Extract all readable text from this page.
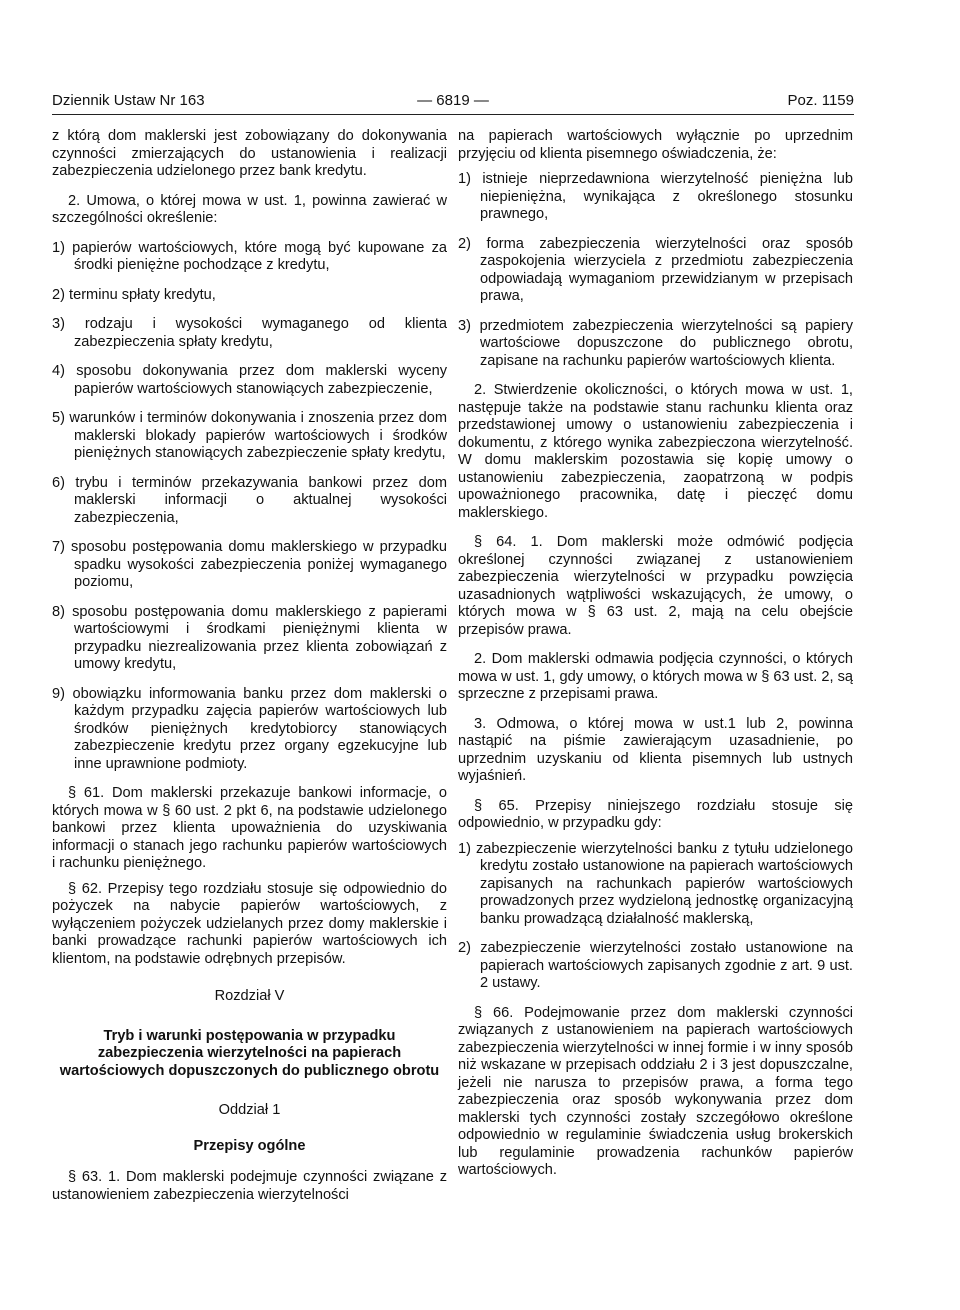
Dziennik Ustaw Nr 163	— 6819 —	Poz. 1159

z którą dom maklerski jest zobowiązany do dokonywania czynności zmierzających do ustanowienia i realizacji zabezpieczenia udzielonego przez bank kredytu.

2. Umowa, o której mowa w ust. 1, powinna zawierać w szczególności określenie:

1) papierów wartościowych, które mogą być kupowane za środki pieniężne pochodzące z kredytu,

2) terminu spłaty kredytu,

3) rodzaju i wysokości wymaganego od klienta zabezpieczenia spłaty kredytu,

4) sposobu dokonywania przez dom maklerski wyceny papierów wartościowych stanowiących zabezpieczenie,

5) warunków i terminów dokonywania i znoszenia przez dom maklerski blokady papierów wartościowych i środków pieniężnych stanowiących zabezpieczenie spłaty kredytu,

6) trybu i terminów przekazywania bankowi przez dom maklerski informacji o aktualnej wysokości zabezpieczenia,

7) sposobu postępowania domu maklerskiego w przypadku spadku wysokości zabezpieczenia poniżej wymaganego poziomu,

8) sposobu postępowania domu maklerskiego z papierami wartościowymi i środkami pieniężnymi klienta w przypadku niezrealizowania przez klienta zobowiązań z umowy kredytu,

9) obowiązku informowania banku przez dom maklerski o każdym przypadku zajęcia papierów wartościowych lub środków pieniężnych kredytobiorcy stanowiących zabezpieczenie kredytu przez organy egzekucyjne lub inne uprawnione podmioty.

§ 61. Dom maklerski przekazuje bankowi informacje, o których mowa w § 60 ust. 2 pkt 6, na podstawie udzielonego bankowi przez klienta upoważnienia do uzyskiwania informacji o stanach jego rachunku papierów wartościowych i rachunku pieniężnego.

§ 62. Przepisy tego rozdziału stosuje się odpowiednio do pożyczek na nabycie papierów wartościowych, z wyłączeniem pożyczek udzielanych przez domy maklerskie i banki prowadzące rachunki papierów wartościowych ich klientom, na podstawie odrębnych przepisów.

Rozdział V

Tryb i warunki postępowania w przypadku zabezpieczenia wierzytelności na papierach wartościowych dopuszczonych do publicznego obrotu

Oddział 1

Przepisy ogólne

§ 63. 1. Dom maklerski podejmuje czynności związane z ustanowieniem zabezpieczenia wierzytelności

na papierach wartościowych wyłącznie po uprzednim przyjęciu od klienta pisemnego oświadczenia, że:

1) istnieje nieprzedawniona wierzytelność pieniężna lub niepieniężna, wynikająca z określonego stosunku prawnego,

2) forma zabezpieczenia wierzytelności oraz sposób zaspokojenia wierzyciela z przedmiotu zabezpieczenia odpowiadają wymaganiom przewidzianym w przepisach prawa,

3) przedmiotem zabezpieczenia wierzytelności są papiery wartościowe dopuszczone do publicznego obrotu, zapisane na rachunku papierów wartościowych klienta.

2. Stwierdzenie okoliczności, o których mowa w ust. 1, następuje także na podstawie stanu rachunku klienta oraz przedstawionej umowy o ustanowieniu zabezpieczenia i dokumentu, z którego wynika zabezpieczona wierzytelność. W domu maklerskim pozostawia się kopię umowy o ustanowieniu zabezpieczenia, zaopatrzoną w podpis upoważnionego pracownika, datę i pieczęć domu maklerskiego.

§ 64. 1. Dom maklerski może odmówić podjęcia określonej czynności związanej z ustanowieniem zabezpieczenia wierzytelności w przypadku powzięcia uzasadnionych wątpliwości wskazujących, że umowy, o których mowa w § 63 ust. 2, mają na celu obejście przepisów prawa.

2. Dom maklerski odmawia podjęcia czynności, o których mowa w ust. 1, gdy umowy, o których mowa w § 63 ust. 2, są sprzeczne z przepisami prawa.

3. Odmowa, o której mowa w ust.1 lub 2, powinna nastąpić na piśmie zawierającym uzasadnienie, po uprzednim uzyskaniu od klienta pisemnych lub ustnych wyjaśnień.

§ 65. Przepisy niniejszego rozdziału stosuje się odpowiednio, w przypadku gdy:

1) zabezpieczenie wierzytelności banku z tytułu udzielonego kredytu zostało ustanowione na papierach wartościowych zapisanych na rachunkach papierów wartościowych prowadzonych przez wydzieloną jednostkę organizacyjną banku prowadzącą działalność maklerską,

2) zabezpieczenie wierzytelności zostało ustanowione na papierach wartościowych zapisanych zgodnie z art. 9 ust. 2 ustawy.

§ 66. Podejmowanie przez dom maklerski czynności związanych z ustanowieniem na papierach wartościowych zabezpieczenia wierzytelności w innej formie i w inny sposób niż wskazane w przepisach oddziału 2 i 3 jest dopuszczalne, jeżeli nie narusza to przepisów prawa, a forma tego zabezpieczenia oraz sposób wykonywania przez dom maklerski tych czynności zostały szczegółowo określone odpowiednio w regulaminie świadczenia usług brokerskich lub regulaminie prowadzenia rachunków papierów wartościowych.
